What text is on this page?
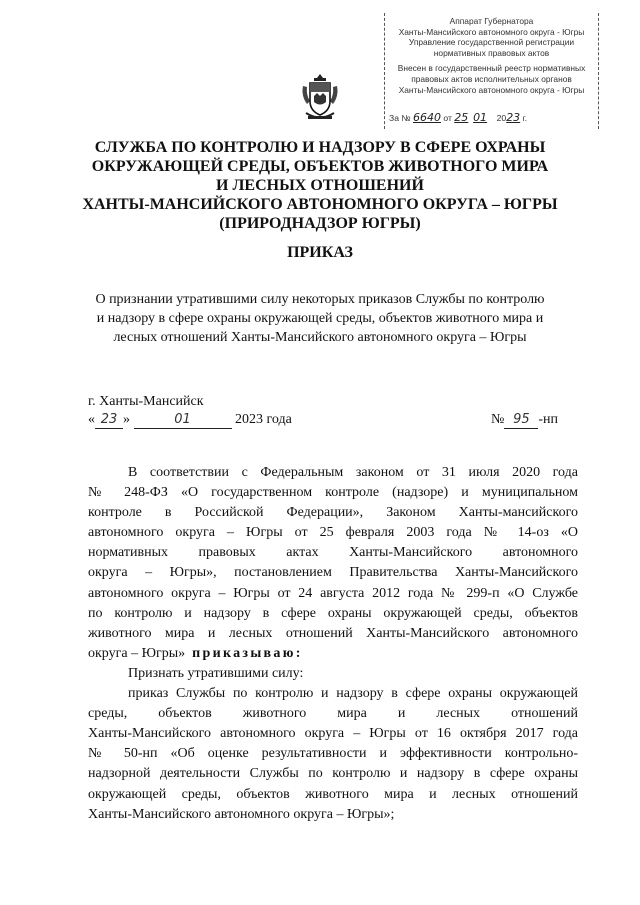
Аппарат Губернатора
Ханты-Мансийского автономного округа - Югры
Управление государственной регистрации
нормативных правовых актов
Внесен в государственный реестр нормативных
правовых актов исполнительных органов
Ханты-Мансийского автономного округа - Югры
За № 6640 от 25 01 2023 г.
СЛУЖБА ПО КОНТРОЛЮ И НАДЗОРУ В СФЕРЕ ОХРАНЫ
ОКРУЖАЮЩЕЙ СРЕДЫ, ОБЪЕКТОВ ЖИВОТНОГО МИРА
И ЛЕСНЫХ ОТНОШЕНИЙ
ХАНТЫ-МАНСИЙСКОГО АВТОНОМНОГО ОКРУГА – ЮГРЫ
(ПРИРОДНАДЗОР ЮГРЫ)
ПРИКАЗ
О признании утратившими силу некоторых приказов Службы по контролю
и надзору в сфере охраны окружающей среды, объектов животного мира и
лесных отношений Ханты-Мансийского автономного округа – Югры
г. Ханты-Мансийск
« 23 »	01	2023 года	№ 95 -нп

В соответствии с Федеральным законом от 31 июля 2020 года

№ 248-ФЗ «О государственном контроле (надзоре) и муниципальном

контроле в Российской Федерации», Законом Ханты-мансийского

автономного округа – Югры от 25 февраля 2003 года № 14-оз «О

нормативных правовых актах Ханты-Мансийского автономного

округа – Югры», постановлением Правительства Ханты-Мансийского

автономного округа – Югры от 24 августа 2012 года № 299-п «О Службе

по контролю и надзору в сфере охраны окружающей среды, объектов

животного мира и лесных отношений Ханты-Мансийского автономного

округа – Югры» приказываю:

Признать утратившими силу:

приказ Службы по контролю и надзору в сфере охраны окружающей

среды, объектов животного мира и лесных отношений

Ханты-Мансийского автономного округа – Югры от 16 октября 2017 года

№ 50-нп «Об оценке результативности и эффективности контрольно-

надзорной деятельности Службы по контролю и надзору в сфере охраны

окружающей среды, объектов животного мира и лесных отношений

Ханты-Мансийского автономного округа – Югры»;
